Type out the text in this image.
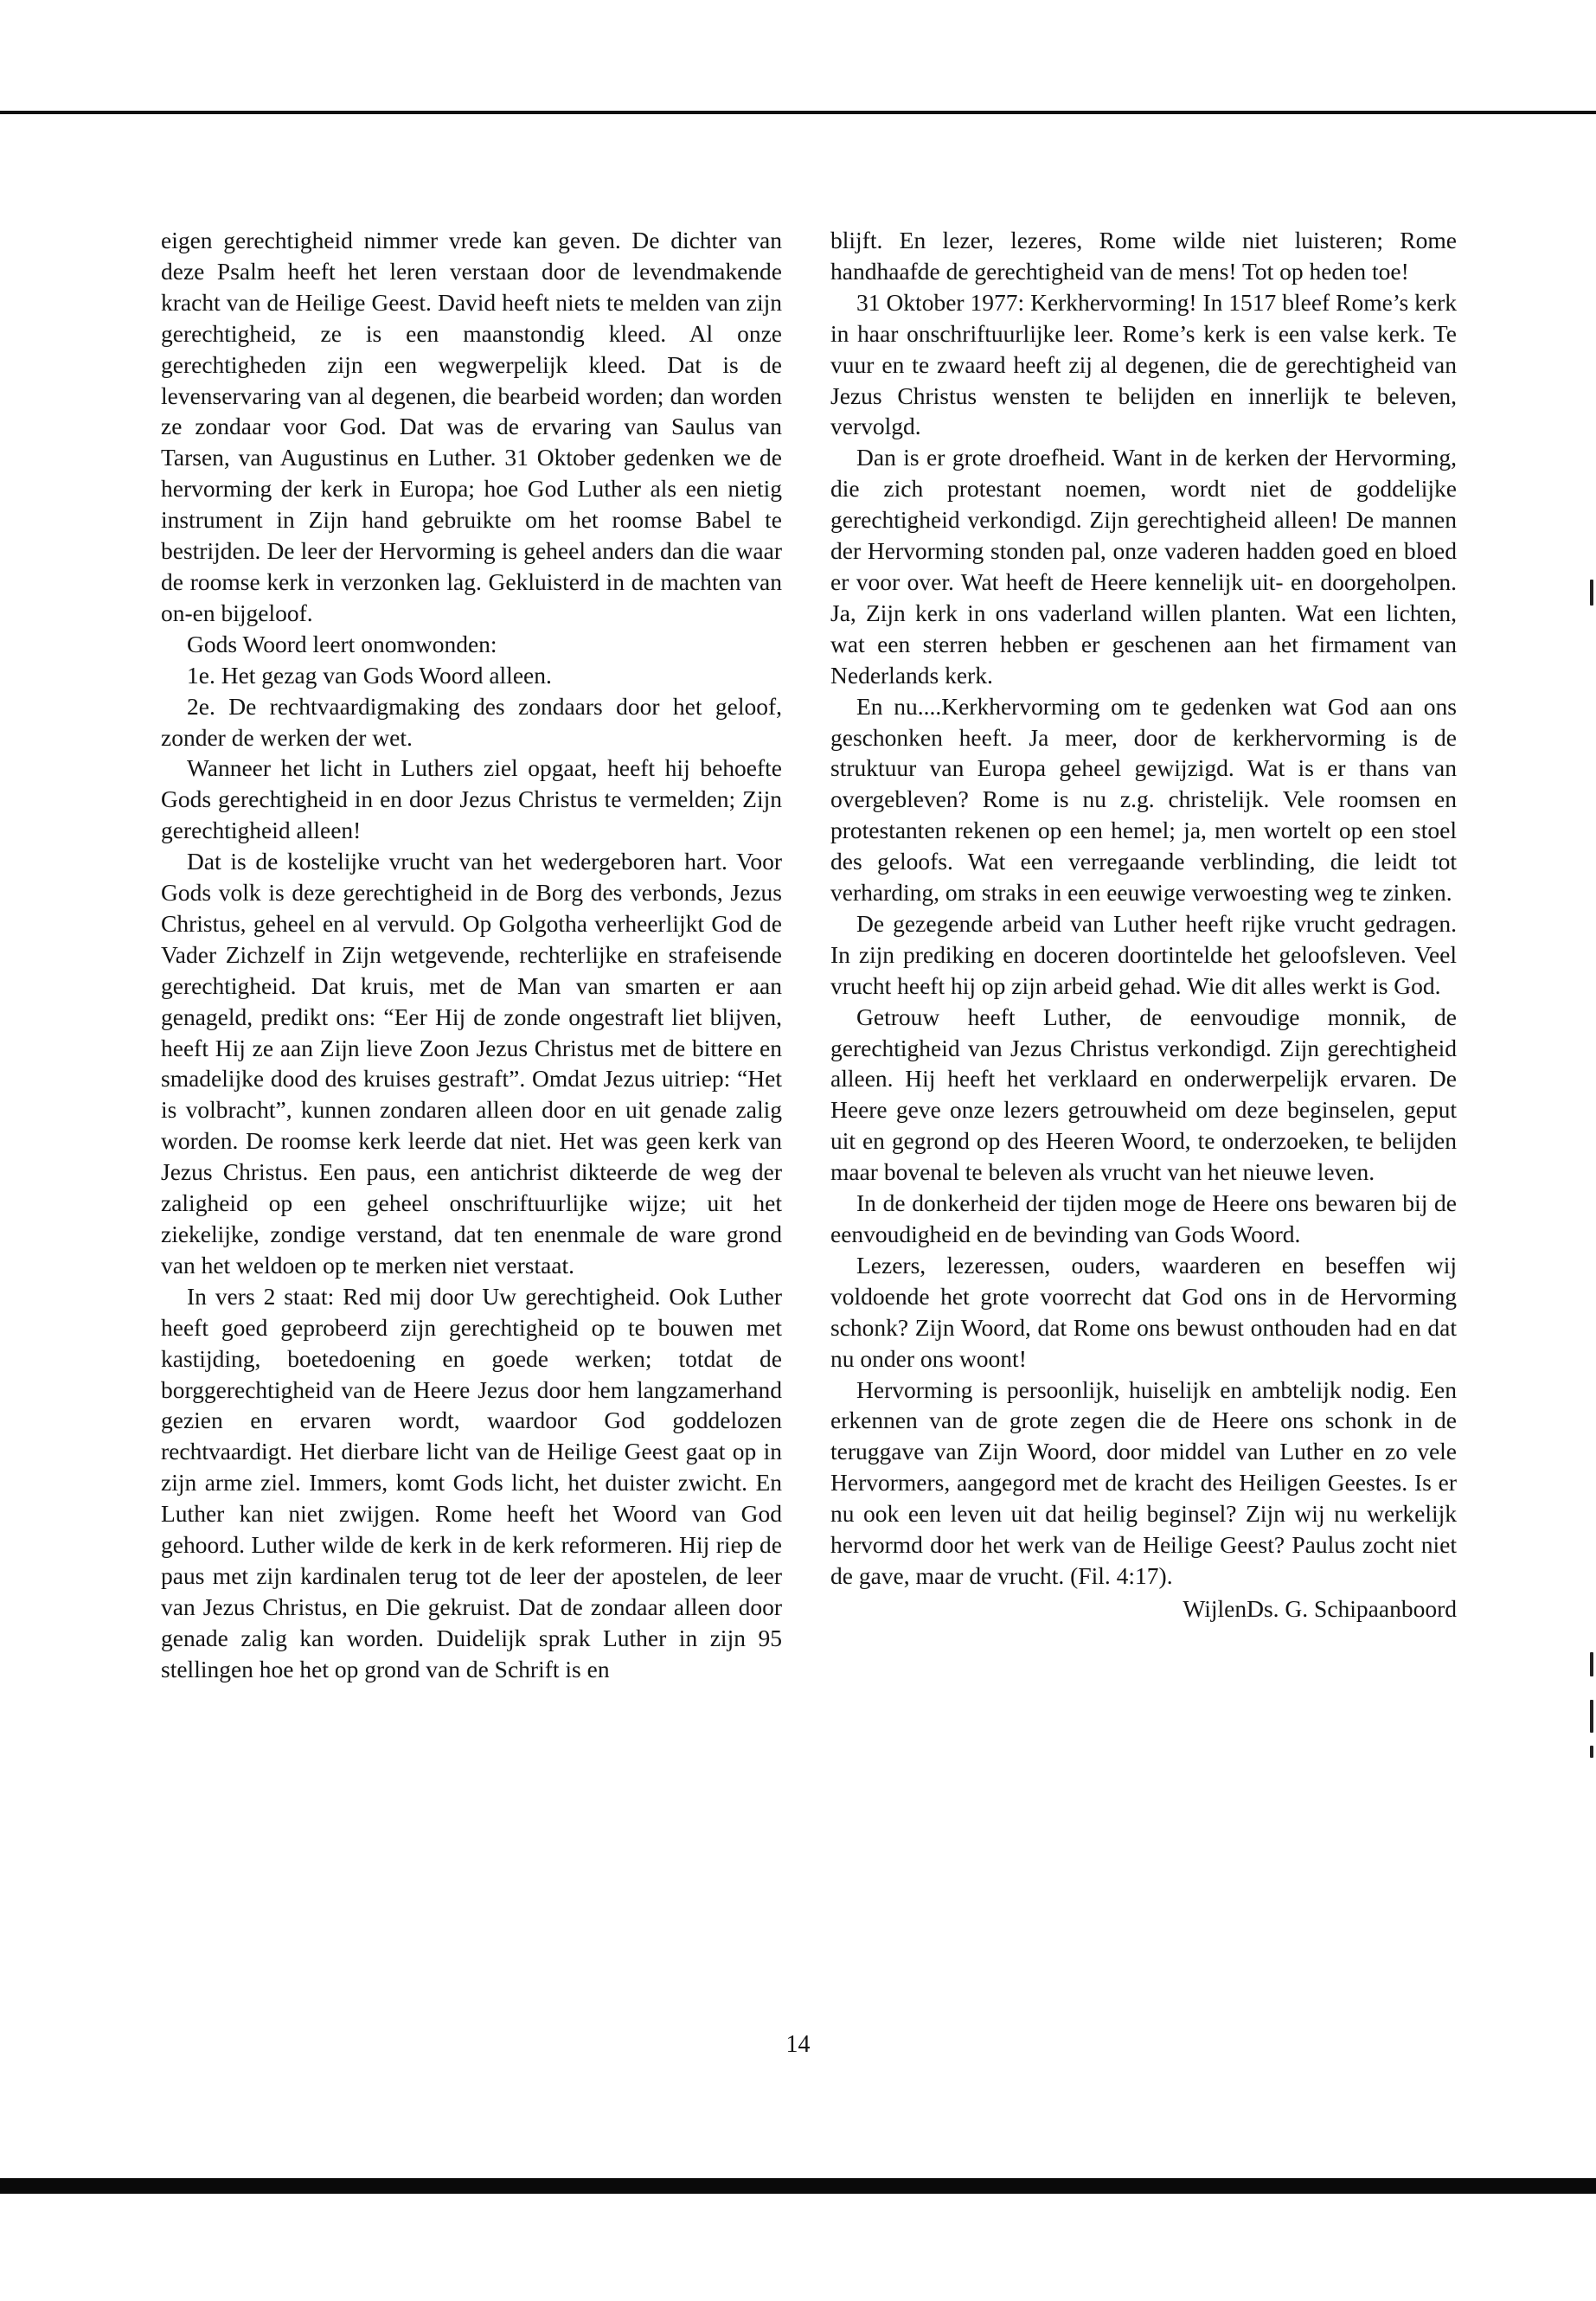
eigen gerechtigheid nimmer vrede kan geven. De dichter van deze Psalm heeft het leren verstaan door de levendmakende kracht van de Heilige Geest. David heeft niets te melden van zijn gerechtigheid, ze is een maanstondig kleed. Al onze gerechtigheden zijn een wegwerpelijk kleed. Dat is de levenservaring van al degenen, die bearbeid worden; dan worden ze zondaar voor God. Dat was de ervaring van Saulus van Tarsen, van Augustinus en Luther. 31 Oktober gedenken we de hervorming der kerk in Europa; hoe God Luther als een nietig instrument in Zijn hand gebruikte om het roomse Babel te bestrijden. De leer der Hervorming is geheel anders dan die waar de roomse kerk in verzonken lag. Gekluisterd in de machten van on-en bijgeloof.

Gods Woord leert onomwonden:

1e. Het gezag van Gods Woord alleen.

2e. De rechtvaardigmaking des zondaars door het geloof, zonder de werken der wet.

Wanneer het licht in Luthers ziel opgaat, heeft hij behoefte Gods gerechtigheid in en door Jezus Christus te vermelden; Zijn gerechtigheid alleen!

Dat is de kostelijke vrucht van het wedergeboren hart. Voor Gods volk is deze gerechtigheid in de Borg des verbonds, Jezus Christus, geheel en al vervuld. Op Golgotha verheerlijkt God de Vader Zichzelf in Zijn wetgevende, rechterlijke en strafeisende gerechtigheid. Dat kruis, met de Man van smarten er aan genageld, predikt ons: “Eer Hij de zonde ongestraft liet blijven, heeft Hij ze aan Zijn lieve Zoon Jezus Christus met de bittere en smadelijke dood des kruises gestraft”. Omdat Jezus uitriep: “Het is volbracht”, kunnen zondaren alleen door en uit genade zalig worden. De roomse kerk leerde dat niet. Het was geen kerk van Jezus Christus. Een paus, een antichrist dikteerde de weg der zaligheid op een geheel onschriftuurlijke wijze; uit het ziekelijke, zondige verstand, dat ten enenmale de ware grond van het weldoen op te merken niet verstaat.

In vers 2 staat: Red mij door Uw gerechtigheid. Ook Luther heeft goed geprobeerd zijn gerechtigheid op te bouwen met kastijding, boetedoening en goede werken; totdat de borggerechtigheid van de Heere Jezus door hem langzamerhand gezien en ervaren wordt, waardoor God goddelozen rechtvaardigt. Het dierbare licht van de Heilige Geest gaat op in zijn arme ziel. Immers, komt Gods licht, het duister zwicht. En Luther kan niet zwijgen. Rome heeft het Woord van God gehoord. Luther wilde de kerk in de kerk reformeren. Hij riep de paus met zijn kardinalen terug tot de leer der apostelen, de leer van Jezus Christus, en Die gekruist. Dat de zondaar alleen door genade zalig kan worden. Duidelijk sprak Luther in zijn 95 stellingen hoe het op grond van de Schrift is en

blijft. En lezer, lezeres, Rome wilde niet luisteren; Rome handhaafde de gerechtigheid van de mens! Tot op heden toe!

31 Oktober 1977: Kerkhervorming! In 1517 bleef Rome’s kerk in haar onschriftuurlijke leer. Rome’s kerk is een valse kerk. Te vuur en te zwaard heeft zij al degenen, die de gerechtigheid van Jezus Christus wensten te belijden en innerlijk te beleven, vervolgd.

Dan is er grote droefheid. Want in de kerken der Hervorming, die zich protestant noemen, wordt niet de goddelijke gerechtigheid verkondigd. Zijn gerechtigheid alleen! De mannen der Hervorming stonden pal, onze vaderen hadden goed en bloed er voor over. Wat heeft de Heere kennelijk uit- en doorgeholpen. Ja, Zijn kerk in ons vaderland willen planten. Wat een lichten, wat een sterren hebben er geschenen aan het firmament van Nederlands kerk.

En nu....Kerkhervorming om te gedenken wat God aan ons geschonken heeft. Ja meer, door de kerkhervorming is de struktuur van Europa geheel gewijzigd. Wat is er thans van overgebleven? Rome is nu z.g. christelijk. Vele roomsen en protestanten rekenen op een hemel; ja, men wortelt op een stoel des geloofs. Wat een verregaande verblinding, die leidt tot verharding, om straks in een eeuwige verwoesting weg te zinken.

De gezegende arbeid van Luther heeft rijke vrucht gedragen. In zijn prediking en doceren doortintelde het geloofsleven. Veel vrucht heeft hij op zijn arbeid gehad. Wie dit alles werkt is God.

Getrouw heeft Luther, de eenvoudige monnik, de gerechtigheid van Jezus Christus verkondigd. Zijn gerechtigheid alleen. Hij heeft het verklaard en onderwerpelijk ervaren. De Heere geve onze lezers getrouwheid om deze beginselen, geput uit en gegrond op des Heeren Woord, te onderzoeken, te belijden maar bovenal te beleven als vrucht van het nieuwe leven.

In de donkerheid der tijden moge de Heere ons bewaren bij de eenvoudigheid en de bevinding van Gods Woord.

Lezers, lezeressen, ouders, waarderen en beseffen wij voldoende het grote voorrecht dat God ons in de Hervorming schonk? Zijn Woord, dat Rome ons bewust onthouden had en dat nu onder ons woont!

Hervorming is persoonlijk, huiselijk en ambtelijk nodig. Een erkennen van de grote zegen die de Heere ons schonk in de teruggave van Zijn Woord, door middel van Luther en zo vele Hervormers, aangegord met de kracht des Heiligen Geestes. Is er nu ook een leven uit dat heilig beginsel? Zijn wij nu werkelijk hervormd door het werk van de Heilige Geest? Paulus zocht niet de gave, maar de vrucht. (Fil. 4:17).

WijlenDs. G. Schipaanboord

14
